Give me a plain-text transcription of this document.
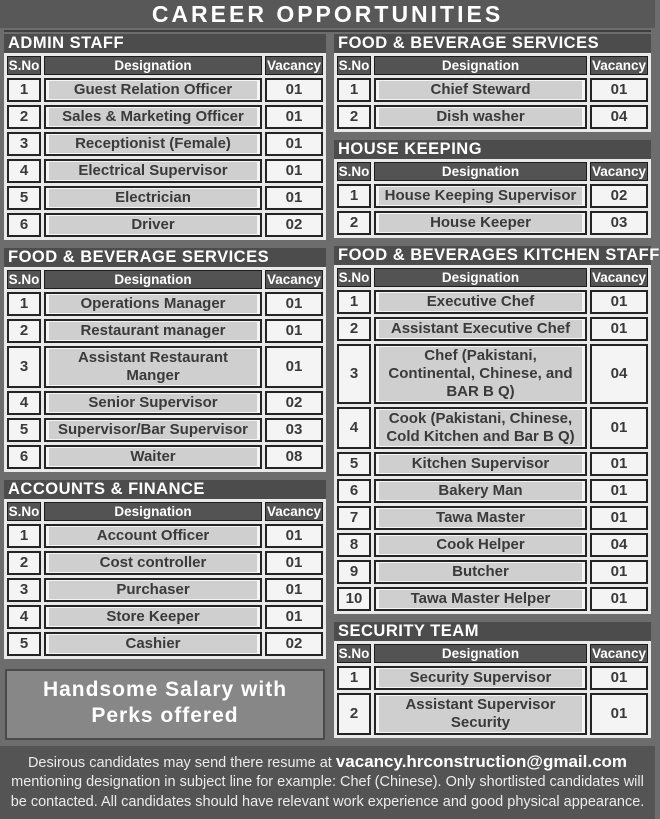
CAREER OPPORTUNITIES
ADMIN STAFF
S.No	Designation	Vacancy
1	Guest Relation Officer	01
2	Sales & Marketing Officer	01
3	Receptionist (Female)	01
4	Electrical Supervisor	01
5	Electrician	01
6	Driver	02
FOOD & BEVERAGE SERVICES
S.No	Designation	Vacancy
1	Operations Manager	01
2	Restaurant manager	01
3	Assistant Restaurant Manger	01
4	Senior Supervisor	02
5	Supervisor/Bar Supervisor	03
6	Waiter	08
ACCOUNTS & FINANCE
S.No	Designation	Vacancy
1	Account Officer	01
2	Cost controller	01
3	Purchaser	01
4	Store Keeper	01
5	Cashier	02
Handsome Salary with
Perks offered
FOOD & BEVERAGE SERVICES
S.No	Designation	Vacancy
1	Chief Steward	01
2	Dish washer	04
HOUSE KEEPING
S.No	Designation	Vacancy
1	House Keeping Supervisor	02
2	House Keeper	03
FOOD & BEVERAGES KITCHEN STAFF
S.No	Designation	Vacancy
1	Executive Chef	01
2	Assistant Executive Chef	01
3	Chef (Pakistani, Continental, Chinese, and BAR B Q)	04
4	Cook (Pakistani, Chinese, Cold Kitchen and Bar B Q)	01
5	Kitchen Supervisor	01
6	Bakery Man	01
7	Tawa Master	01
8	Cook Helper	04
9	Butcher	01
10	Tawa Master Helper	01
SECURITY TEAM
S.No	Designation	Vacancy
1	Security Supervisor	01
2	Assistant Supervisor Security	01
Desirous candidates may send there resume at vacancy.hrconstruction@gmail.com mentioning designation in subject line for example: Chef (Chinese). Only shortlisted candidates will be contacted. All candidates should have relevant work experience and good physical appearance.
